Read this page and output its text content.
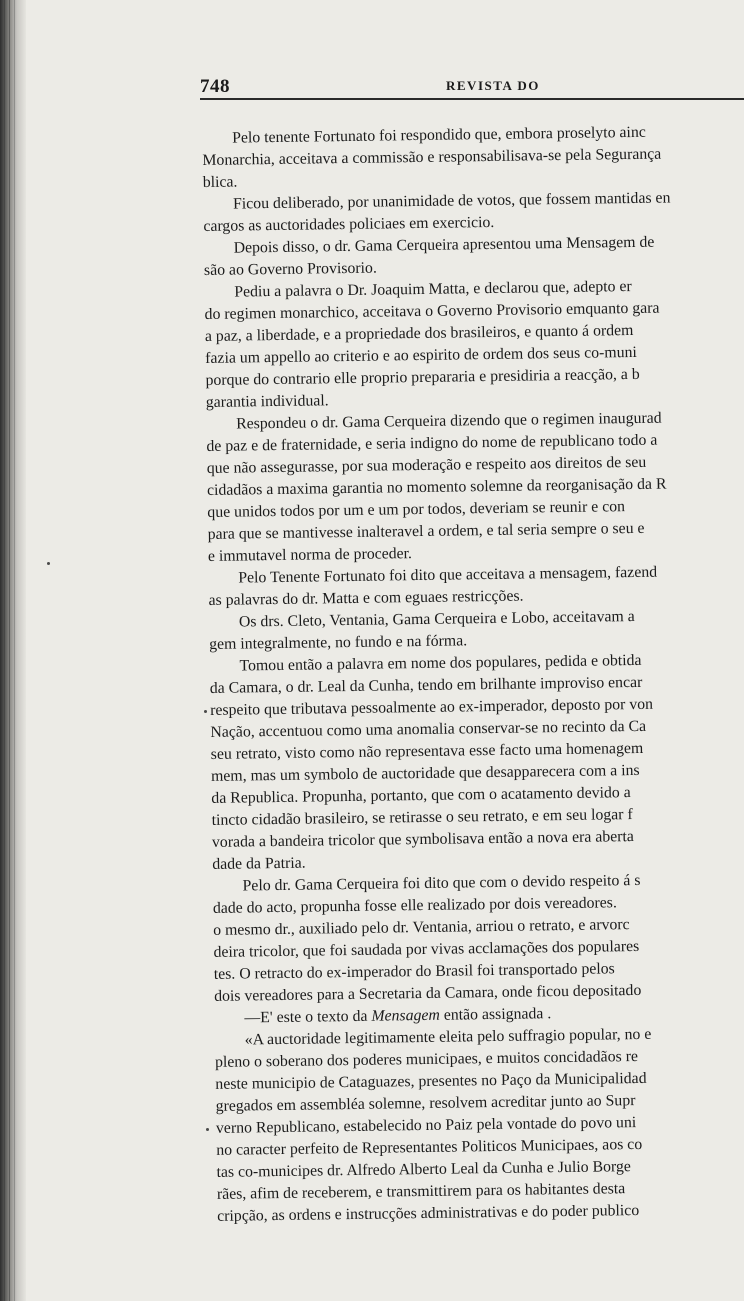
748	REVISTA DO
Pelo tenente Fortunato foi respondido que, embora proselyto ainc
Monarchia, acceitava a commissão e responsabilisava-se pela Segurança
blica.
Ficou deliberado, por unanimidade de votos, que fossem mantidas en
cargos as auctoridades policiaes em exercicio.
Depois disso, o dr. Gama Cerqueira apresentou uma Mensagem de
são ao Governo Provisorio.
Pediu a palavra o Dr. Joaquim Matta, e declarou que, adepto er
do regimen monarchico, acceitava o Governo Provisorio emquanto gara
a paz, a liberdade, e a propriedade dos brasileiros, e quanto á ordem
fazia um appello ao criterio e ao espirito de ordem dos seus co-muni
porque do contrario elle proprio prepararia e presidiria a reacção, a b
garantia individual.
Respondeu o dr. Gama Cerqueira dizendo que o regimen inaugurad
de paz e de fraternidade, e seria indigno do nome de republicano todo a
que não assegurasse, por sua moderação e respeito aos direitos de seu
cidadãos a maxima garantia no momento solemne da reorganisação da R
que unidos todos por um e um por todos, deveriam se reunir e con
para que se mantivesse inalteravel a ordem, e tal seria sempre o seu e
e immutavel norma de proceder.
Pelo Tenente Fortunato foi dito que acceitava a mensagem, fazend
as palavras do dr. Matta e com eguaes restricções.
Os drs. Cleto, Ventania, Gama Cerqueira e Lobo, acceitavam a
gem integralmente, no fundo e na fórma.
Tomou então a palavra em nome dos populares, pedida e obtida
da Camara, o dr. Leal da Cunha, tendo em brilhante improviso encar
respeito que tributava pessoalmente ao ex-imperador, deposto por von
Nação, accentuou como uma anomalia conservar-se no recinto da Ca
seu retrato, visto como não representava esse facto uma homenagem
mem, mas um symbolo de auctoridade que desapparecera com a ins
da Republica. Propunha, portanto, que com o acatamento devido a
tincto cidadão brasileiro, se retirasse o seu retrato, e em seu logar f
vorada a bandeira tricolor que symbolisava então a nova era aberta
dade da Patria.
Pelo dr. Gama Cerqueira foi dito que com o devido respeito á s
dade do acto, propunha fosse elle realizado por dois vereadores.
o mesmo dr., auxiliado pelo dr. Ventania, arriou o retrato, e arvorc
deira tricolor, que foi saudada por vivas acclamações dos populares
tes. O retracto do ex-imperador do Brasil foi transportado pelos
dois vereadores para a Secretaria da Camara, onde ficou depositado
—E' este o texto da Mensagem então assignada .
«A auctoridade legitimamente eleita pelo suffragio popular, no e
pleno o soberano dos poderes municipaes, e muitos concidadãos re
neste municipio de Cataguazes, presentes no Paço da Municipalidad
gregados em assembléa solemne, resolvem acreditar junto ao Supr
verno Republicano, estabelecido no Paiz pela vontade do povo uni
no caracter perfeito de Representantes Politicos Municipaes, aos co
tas co-municipes dr. Alfredo Alberto Leal da Cunha e Julio Borge
rães, afim de receberem, e transmittirem para os habitantes desta
cripção, as ordens e instrucções administrativas e do poder publico
